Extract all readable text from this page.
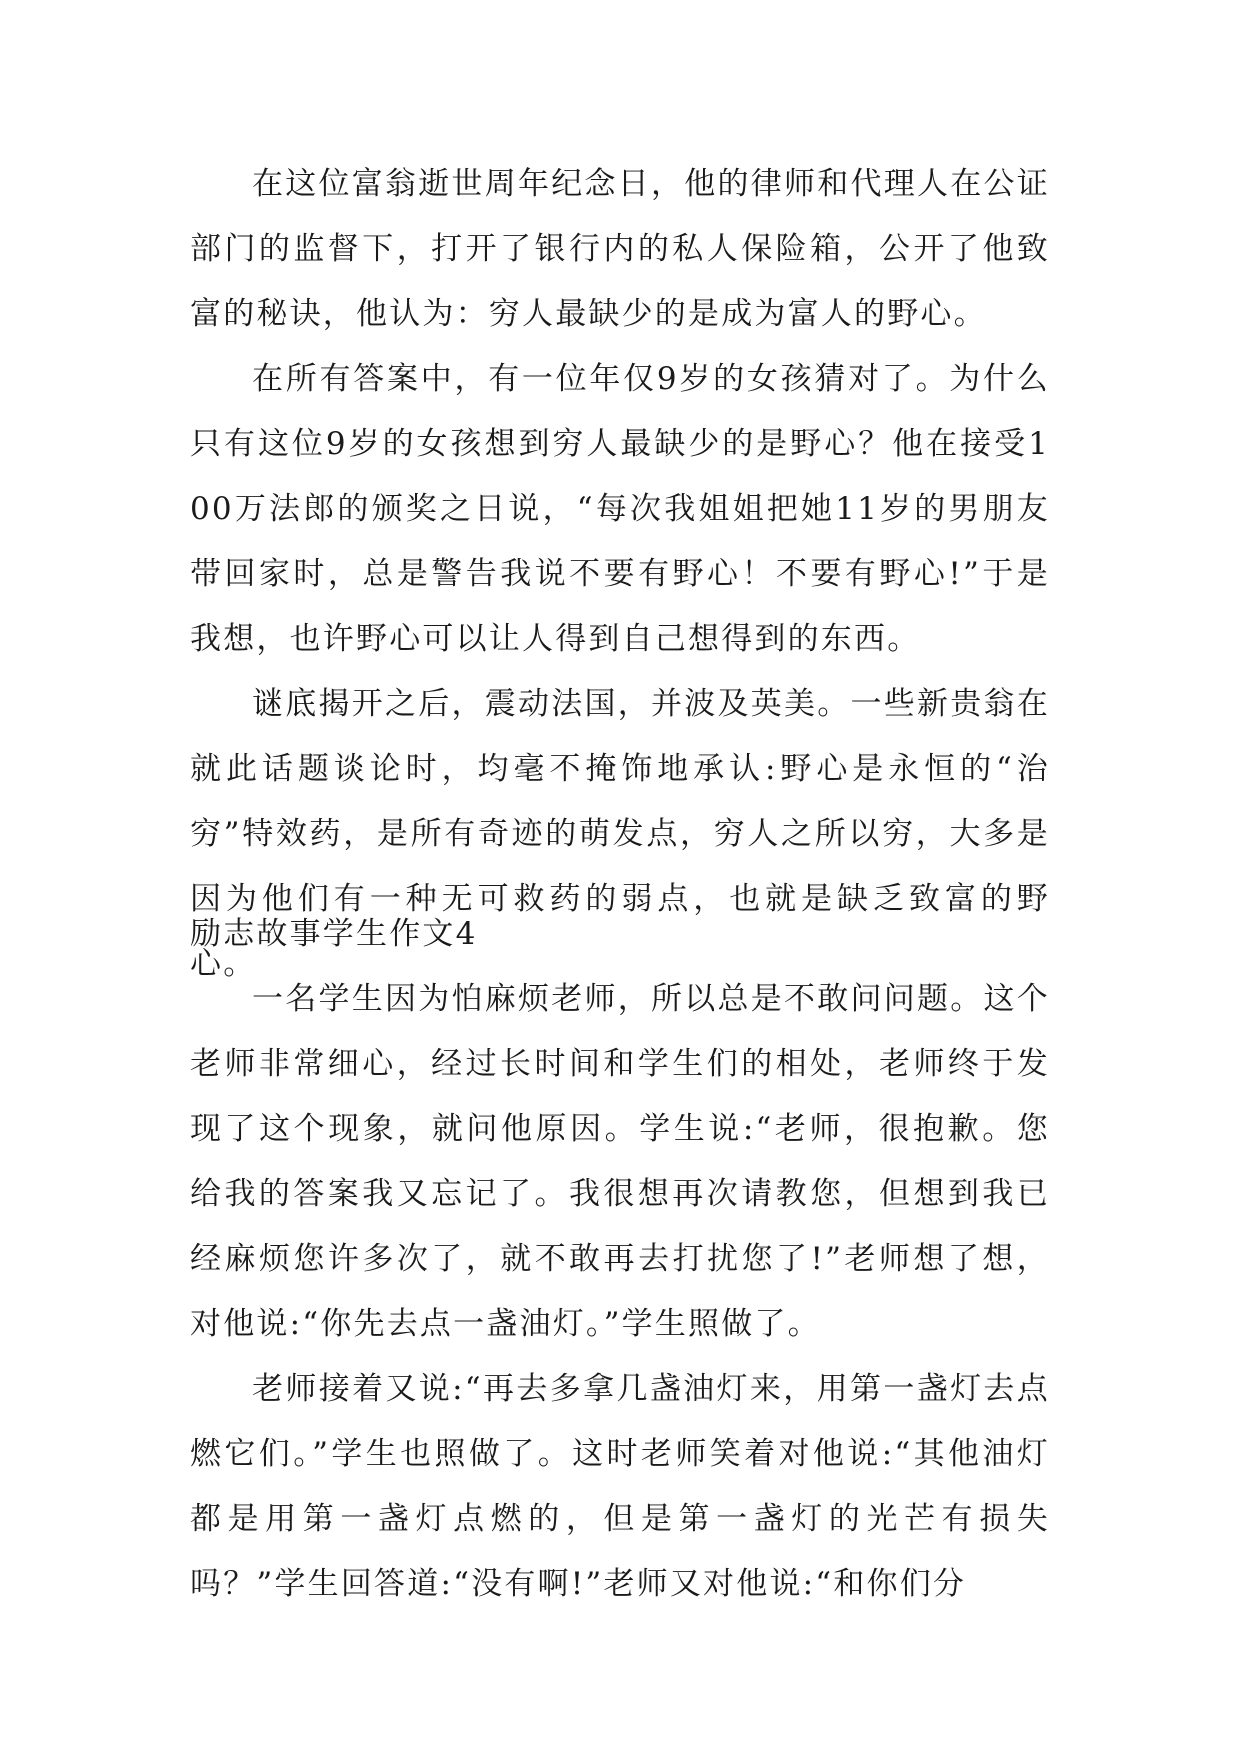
在这位富翁逝世周年纪念日，他的律师和代理人在公证部门的监督下，打开了银行内的私人保险箱，公开了他致富的秘诀，他认为：穷人最缺少的是成为富人的野心。

在所有答案中，有一位年仅9岁的女孩猜对了。为什么只有这位9岁的女孩想到穷人最缺少的是野心？他在接受100万法郎的颁奖之日说，“每次我姐姐把她11岁的男朋友带回家时，总是警告我说不要有野心！不要有野心!”于是我想，也许野心可以让人得到自己想得到的东西。

谜底揭开之后，震动法国，并波及英美。一些新贵翁在就此话题谈论时，均毫不掩饰地承认:野心是永恒的“治穷”特效药，是所有奇迹的萌发点，穷人之所以穷，大多是因为他们有一种无可救药的弱点，也就是缺乏致富的野心。

励志故事学生作文4

一名学生因为怕麻烦老师，所以总是不敢问问题。这个老师非常细心，经过长时间和学生们的相处，老师终于发现了这个现象，就问他原因。学生说:“老师，很抱歉。您给我的答案我又忘记了。我很想再次请教您，但想到我已经麻烦您许多次了，就不敢再去打扰您了!”老师想了想，对他说:“你先去点一盏油灯。”学生照做了。

老师接着又说:“再去多拿几盏油灯来，用第一盏灯去点燃它们。”学生也照做了。这时老师笑着对他说:“其他油灯都是用第一盏灯点燃的，但是第一盏灯的光芒有损失吗？”学生回答道:“没有啊!”老师又对他说:“和你们分
